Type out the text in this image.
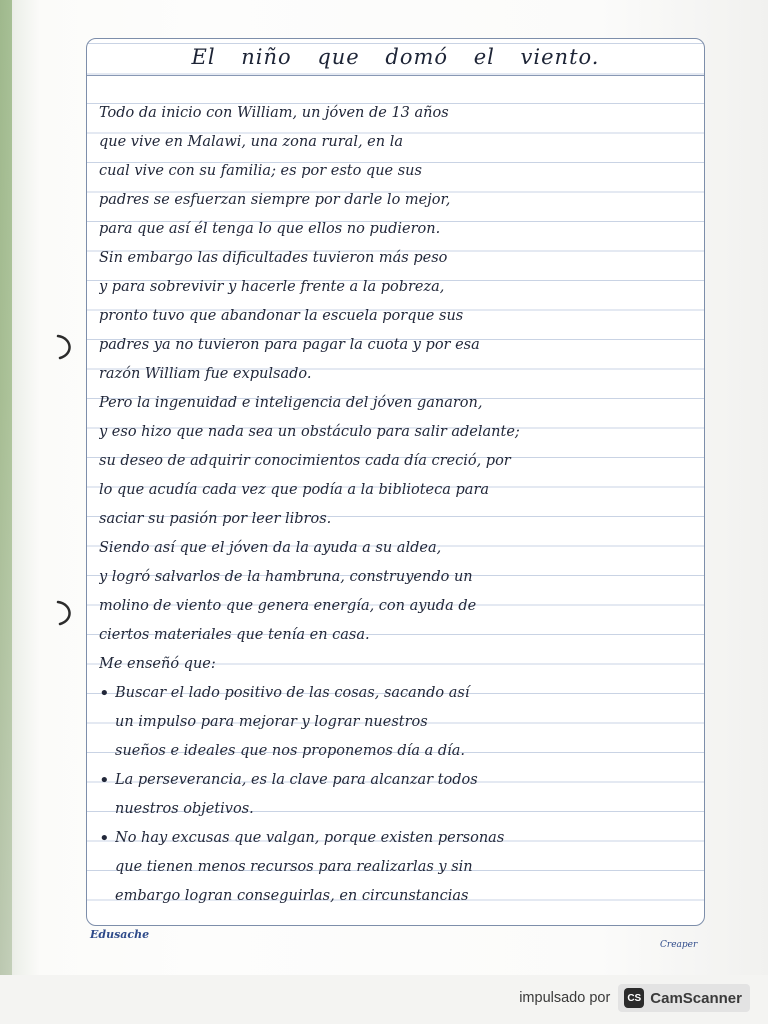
El niño que domó el viento.
Todo da inicio con William, un jóven de 13 años
que vive en Malawi, una zona rural, en la
cual vive con su familia; es por esto que sus
padres se esfuerzan siempre por darle lo mejor,
para que así él tenga lo que ellos no pudieron.
Sin embargo las dificultades tuvieron más peso
y para sobrevivir y hacerle frente a la pobreza,
pronto tuvo que abandonar la escuela porque sus
padres ya no tuvieron para pagar la cuota y por esa
razón William fue expulsado.
Pero la ingenuidad e inteligencia del jóven ganaron,
y eso hizo que nada sea un obstáculo para salir adelante;
su deseo de adquirir conocimientos cada día creció, por
lo que acudía cada vez que podía a la biblioteca para
saciar su pasión por leer libros.
Siendo así que el jóven da la ayuda a su aldea,
y logró salvarlos de la hambruna, construyendo un
molino de viento que genera energía, con ayuda de
ciertos materiales que tenía en casa.
Me enseñó que:
• Buscar el lado positivo de las cosas, sacando así
un impulso para mejorar y lograr nuestros
sueños e ideales que nos proponemos día a día.
• La perseverancia, es la clave para alcanzar todos
nuestros objetivos.
• No hay excusas que valgan, porque existen personas
que tienen menos recursos para realizarlas y sin
embargo logran conseguirlas, en circunstancias
Edusache
Creaper
impulsado por	CS CamScanner
